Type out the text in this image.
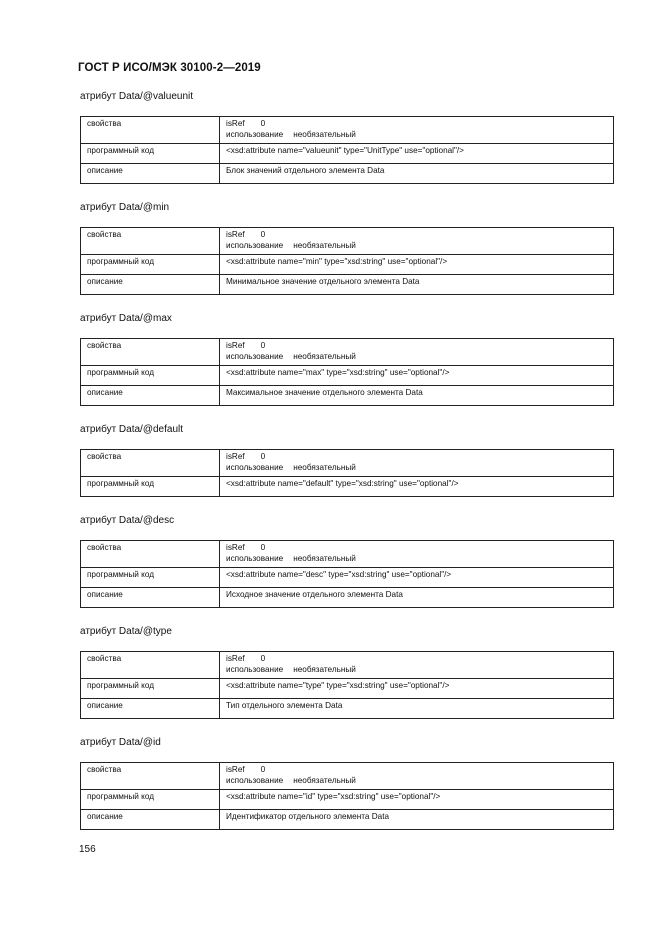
ГОСТ Р ИСО/МЭК 30100-2—2019
атрибут Data/@valueunit
свойства	isRef 0
использование необязательный
программный код	<xsd:attribute name="valueunit" type="UnitType" use="optional"/>
описание	Блок значений отдельного элемента Data
атрибут Data/@min
свойства	isRef 0
использование необязательный
программный код	<xsd:attribute name="min" type="xsd:string" use="optional"/>
описание	Минимальное значение отдельного элемента Data
атрибут Data/@max
свойства	isRef 0
использование необязательный
программный код	<xsd:attribute name="max" type="xsd:string" use="optional"/>
описание	Максимальное значение отдельного элемента Data
атрибут Data/@default
свойства	isRef 0
использование необязательный
программный код	<xsd:attribute name="default" type="xsd:string" use="optional"/>
атрибут Data/@desc
свойства	isRef 0
использование необязательный
программный код	<xsd:attribute name="desc" type="xsd:string" use="optional"/>
описание	Исходное значение отдельного элемента Data
атрибут Data/@type
свойства	isRef 0
использование необязательный
программный код	<xsd:attribute name="type" type="xsd:string" use="optional"/>
описание	Тип отдельного элемента Data
атрибут Data/@id
свойства	isRef 0
использование необязательный
программный код	<xsd:attribute name="id" type="xsd:string" use="optional"/>
описание	Идентификатор отдельного элемента Data
156
